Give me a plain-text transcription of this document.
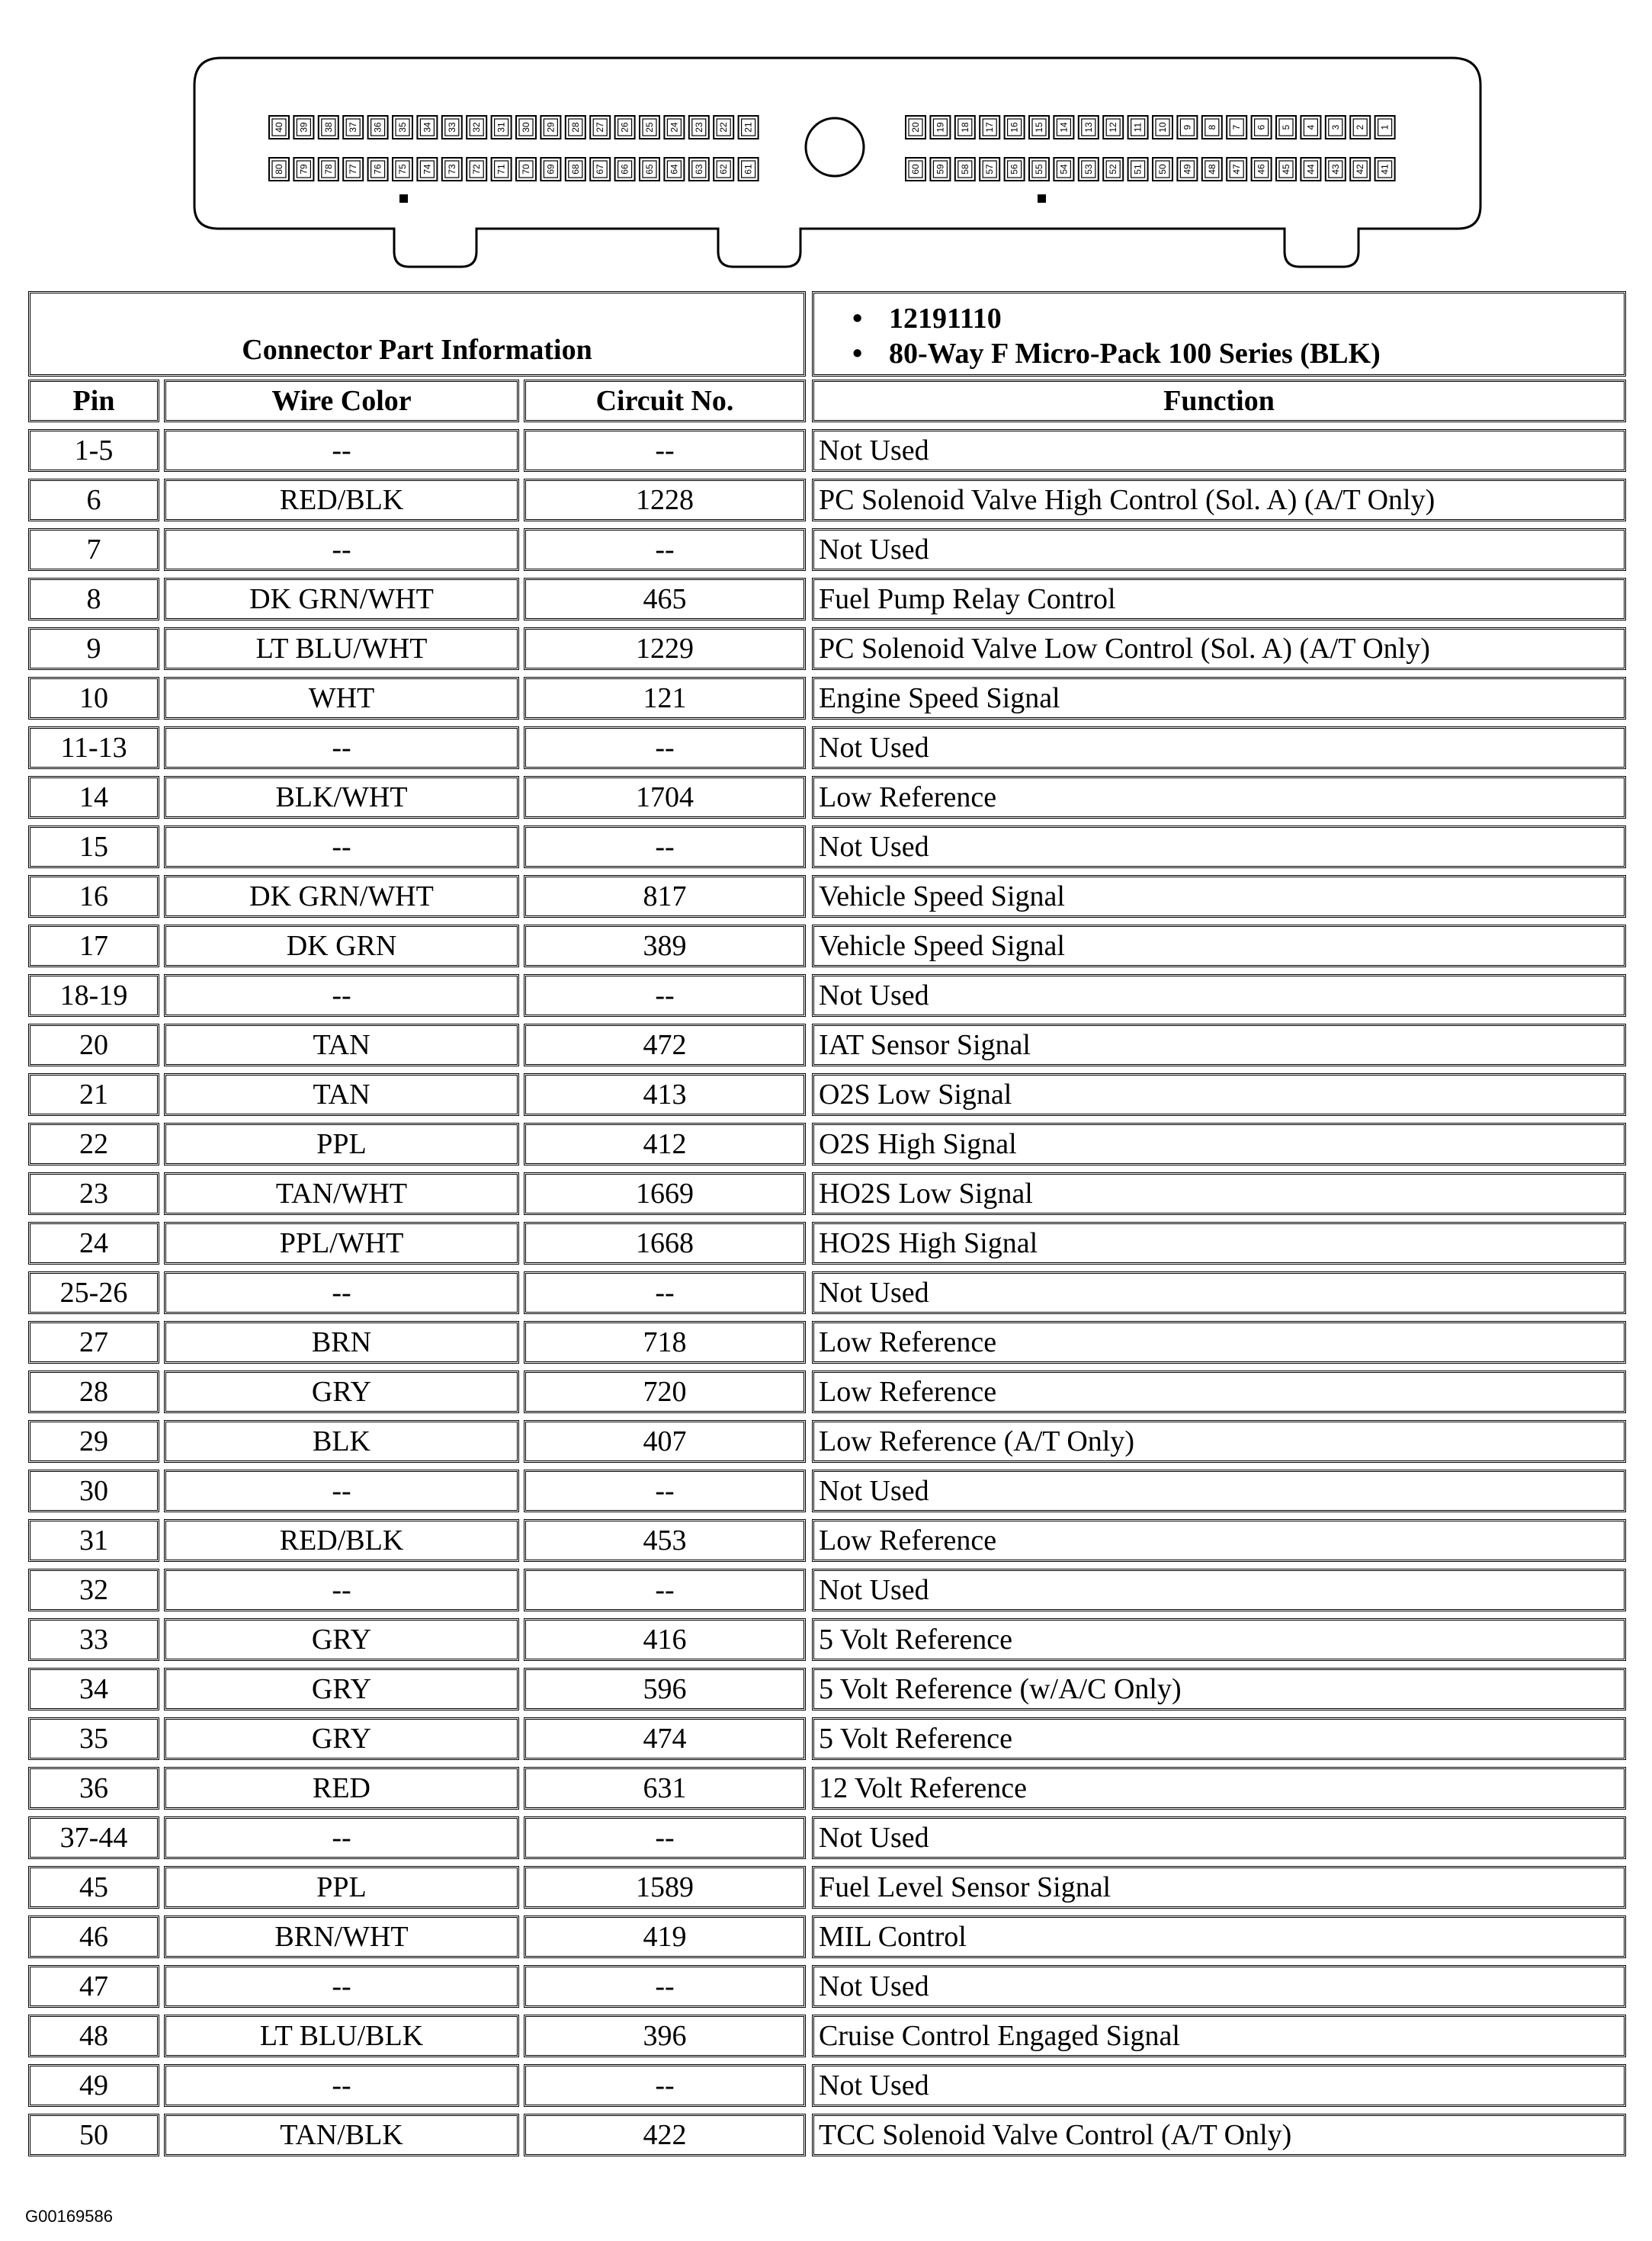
40 39 38 37 36 35 34 33 32 31 30 29 28 27 26 25 24 23 22 21
80 79 78 77 76 75 74 73 72 71 70 69 68 67 66 65 64 63 62 61
20 19 18 17 16 15 14 13 12 11 10 9 8 7 6 5 4 3 2 1
60 59 58 57 56 55 54 53 52 51 50 49 48 47 46 45 44 43 42 41
Connector Part Information
• 12191110
• 80-Way F Micro-Pack 100 Series (BLK)
Pin	Wire Color	Circuit No.	Function
1-5	--	--	Not Used
6	RED/BLK	1228	PC Solenoid Valve High Control (Sol. A) (A/T Only)
7	--	--	Not Used
8	DK GRN/WHT	465	Fuel Pump Relay Control
9	LT BLU/WHT	1229	PC Solenoid Valve Low Control (Sol. A) (A/T Only)
10	WHT	121	Engine Speed Signal
11-13	--	--	Not Used
14	BLK/WHT	1704	Low Reference
15	--	--	Not Used
16	DK GRN/WHT	817	Vehicle Speed Signal
17	DK GRN	389	Vehicle Speed Signal
18-19	--	--	Not Used
20	TAN	472	IAT Sensor Signal
21	TAN	413	O2S Low Signal
22	PPL	412	O2S High Signal
23	TAN/WHT	1669	HO2S Low Signal
24	PPL/WHT	1668	HO2S High Signal
25-26	--	--	Not Used
27	BRN	718	Low Reference
28	GRY	720	Low Reference
29	BLK	407	Low Reference (A/T Only)
30	--	--	Not Used
31	RED/BLK	453	Low Reference
32	--	--	Not Used
33	GRY	416	5 Volt Reference
34	GRY	596	5 Volt Reference (w/A/C Only)
35	GRY	474	5 Volt Reference
36	RED	631	12 Volt Reference
37-44	--	--	Not Used
45	PPL	1589	Fuel Level Sensor Signal
46	BRN/WHT	419	MIL Control
47	--	--	Not Used
48	LT BLU/BLK	396	Cruise Control Engaged Signal
49	--	--	Not Used
50	TAN/BLK	422	TCC Solenoid Valve Control (A/T Only)
G00169586
